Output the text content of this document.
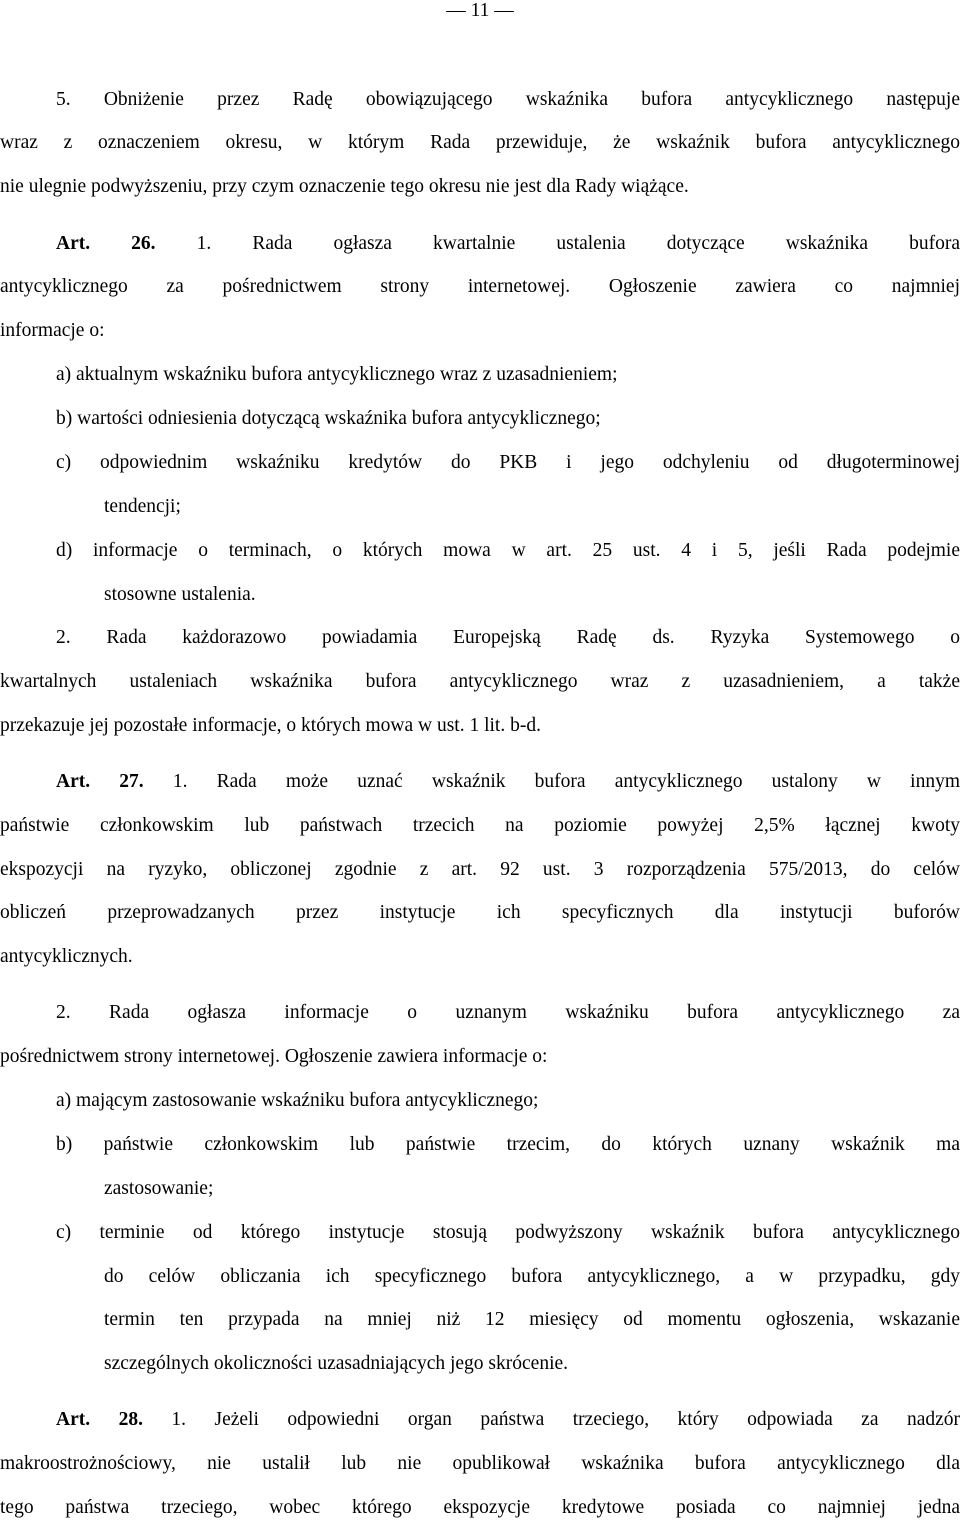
— 11 —
5. Obniżenie przez Radę obowiązującego wskaźnika bufora antycyklicznego następuje
wraz z oznaczeniem okresu, w którym Rada przewiduje, że wskaźnik bufora antycyklicznego
nie ulegnie podwyższeniu, przy czym oznaczenie tego okresu nie jest dla Rady wiążące.
Art. 26. 1. Rada ogłasza kwartalnie ustalenia dotyczące wskaźnika bufora
antycyklicznego za pośrednictwem strony internetowej. Ogłoszenie zawiera co najmniej
informacje o:
a) aktualnym wskaźniku bufora antycyklicznego wraz z uzasadnieniem;
b) wartości odniesienia dotyczącą wskaźnika bufora antycyklicznego;
c) odpowiednim wskaźniku kredytów do PKB i jego odchyleniu od długoterminowej
tendencji;
d) informacje o terminach, o których mowa w art. 25 ust. 4 i 5, jeśli Rada podejmie
stosowne ustalenia.
2. Rada każdorazowo powiadamia Europejską Radę ds. Ryzyka Systemowego o
kwartalnych ustaleniach wskaźnika bufora antycyklicznego wraz z uzasadnieniem, a także
przekazuje jej pozostałe informacje, o których mowa w ust. 1 lit. b-d.
Art. 27. 1. Rada może uznać wskaźnik bufora antycyklicznego ustalony w innym
państwie członkowskim lub państwach trzecich na poziomie powyżej 2,5% łącznej kwoty
ekspozycji na ryzyko, obliczonej zgodnie z art. 92 ust. 3 rozporządzenia 575/2013, do celów
obliczeń przeprowadzanych przez instytucje ich specyficznych dla instytucji buforów
antycyklicznych.
2. Rada ogłasza informacje o uznanym wskaźniku bufora antycyklicznego za
pośrednictwem strony internetowej. Ogłoszenie zawiera informacje o:
a) mającym zastosowanie wskaźniku bufora antycyklicznego;
b) państwie członkowskim lub państwie trzecim, do których uznany wskaźnik ma
zastosowanie;
c) terminie od którego instytucje stosują podwyższony wskaźnik bufora antycyklicznego
do celów obliczania ich specyficznego bufora antycyklicznego, a w przypadku, gdy
termin ten przypada na mniej niż 12 miesięcy od momentu ogłoszenia, wskazanie
szczególnych okoliczności uzasadniających jego skrócenie.
Art. 28. 1. Jeżeli odpowiedni organ państwa trzeciego, który odpowiada za nadzór
makroostrożnościowy, nie ustalił lub nie opublikował wskaźnika bufora antycyklicznego dla
tego państwa trzeciego, wobec którego ekspozycje kredytowe posiada co najmniej jedna
